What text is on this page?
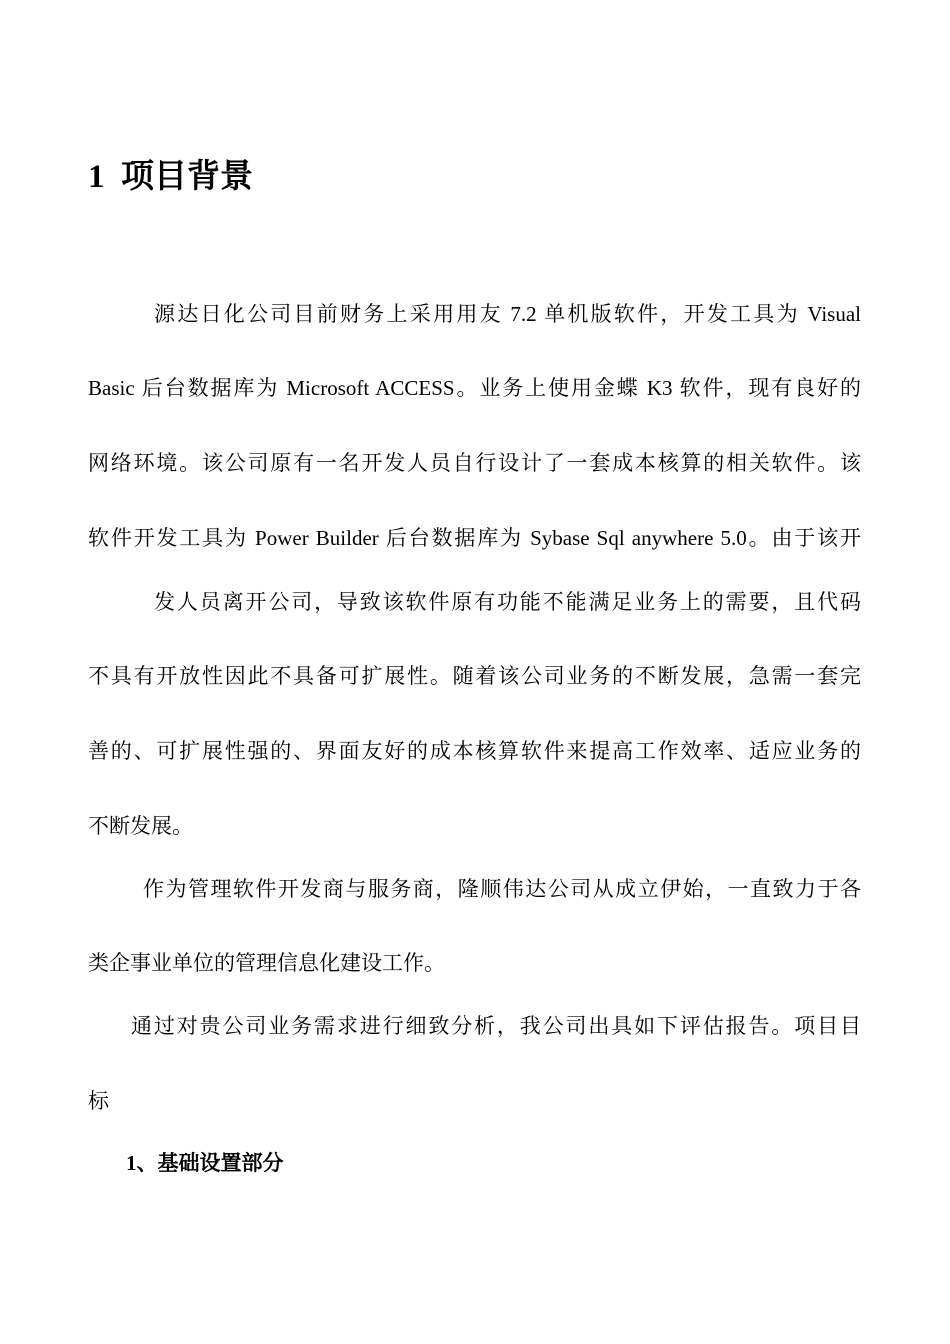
1 项目背景
源达日化公司目前财务上采用用友 7.2 单机版软件，开发工具为 Visual
Basic 后台数据库为 Microsoft ACCESS。业务上使用金蝶 K3 软件，现有良好的
网络环境。该公司原有一名开发人员自行设计了一套成本核算的相关软件。该
软件开发工具为 Power Builder 后台数据库为 Sybase Sql anywhere 5.0。由于该开
发人员离开公司，导致该软件原有功能不能满足业务上的需要，且代码
不具有开放性因此不具备可扩展性。随着该公司业务的不断发展，急需一套完
善的、可扩展性强的、界面友好的成本核算软件来提高工作效率、适应业务的
不断发展。
作为管理软件开发商与服务商，隆顺伟达公司从成立伊始，一直致力于各
类企事业单位的管理信息化建设工作。
通过对贵公司业务需求进行细致分析，我公司出具如下评估报告。项目目
标
1、基础设置部分
